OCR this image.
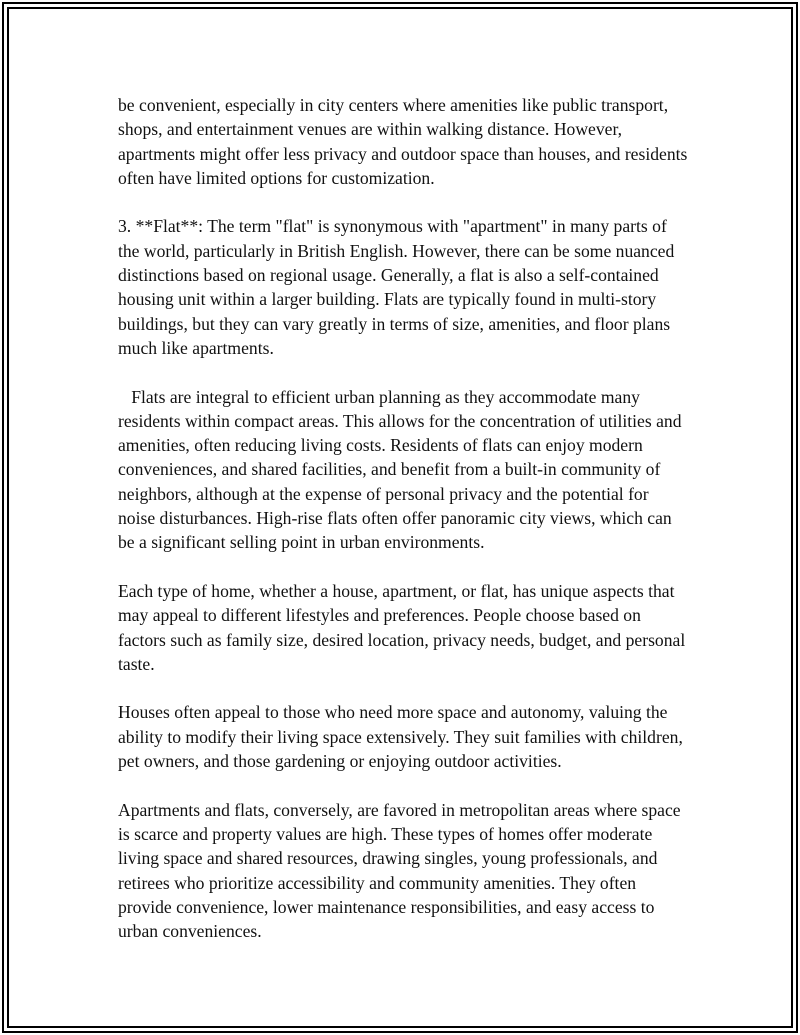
be convenient, especially in city centers where amenities like public transport, shops, and entertainment venues are within walking distance. However, apartments might offer less privacy and outdoor space than houses, and residents often have limited options for customization.

3. **Flat**: The term "flat" is synonymous with "apartment" in many parts of the world, particularly in British English. However, there can be some nuanced distinctions based on regional usage. Generally, a flat is also a self-contained housing unit within a larger building. Flats are typically found in multi-story buildings, but they can vary greatly in terms of size, amenities, and floor plans much like apartments.

Flats are integral to efficient urban planning as they accommodate many residents within compact areas. This allows for the concentration of utilities and amenities, often reducing living costs. Residents of flats can enjoy modern conveniences, and shared facilities, and benefit from a built-in community of neighbors, although at the expense of personal privacy and the potential for noise disturbances. High-rise flats often offer panoramic city views, which can be a significant selling point in urban environments.

Each type of home, whether a house, apartment, or flat, has unique aspects that may appeal to different lifestyles and preferences. People choose based on factors such as family size, desired location, privacy needs, budget, and personal taste.

Houses often appeal to those who need more space and autonomy, valuing the ability to modify their living space extensively. They suit families with children, pet owners, and those gardening or enjoying outdoor activities.

Apartments and flats, conversely, are favored in metropolitan areas where space is scarce and property values are high. These types of homes offer moderate living space and shared resources, drawing singles, young professionals, and retirees who prioritize accessibility and community amenities. They often provide convenience, lower maintenance responsibilities, and easy access to urban conveniences.
